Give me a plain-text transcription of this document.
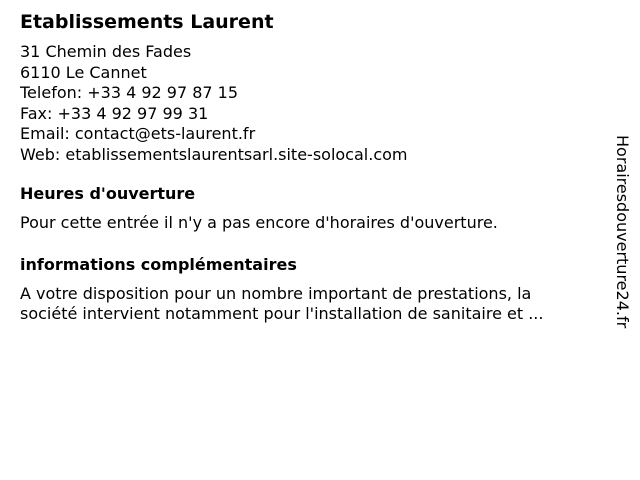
Etablissements Laurent
31 Chemin des Fades
6110 Le Cannet
Telefon: +33 4 92 97 87 15
Fax: +33 4 92 97 99 31
Email: contact@ets-laurent.fr
Web: etablissementslaurentsarl.site-solocal.com
Heures d'ouverture
Pour cette entrée il n'y a pas encore d'horaires d'ouverture.
informations complémentaires
A votre disposition pour un nombre important de prestations, la
société intervient notamment pour l'installation de sanitaire et ...	Horairesdouverture24.fr
